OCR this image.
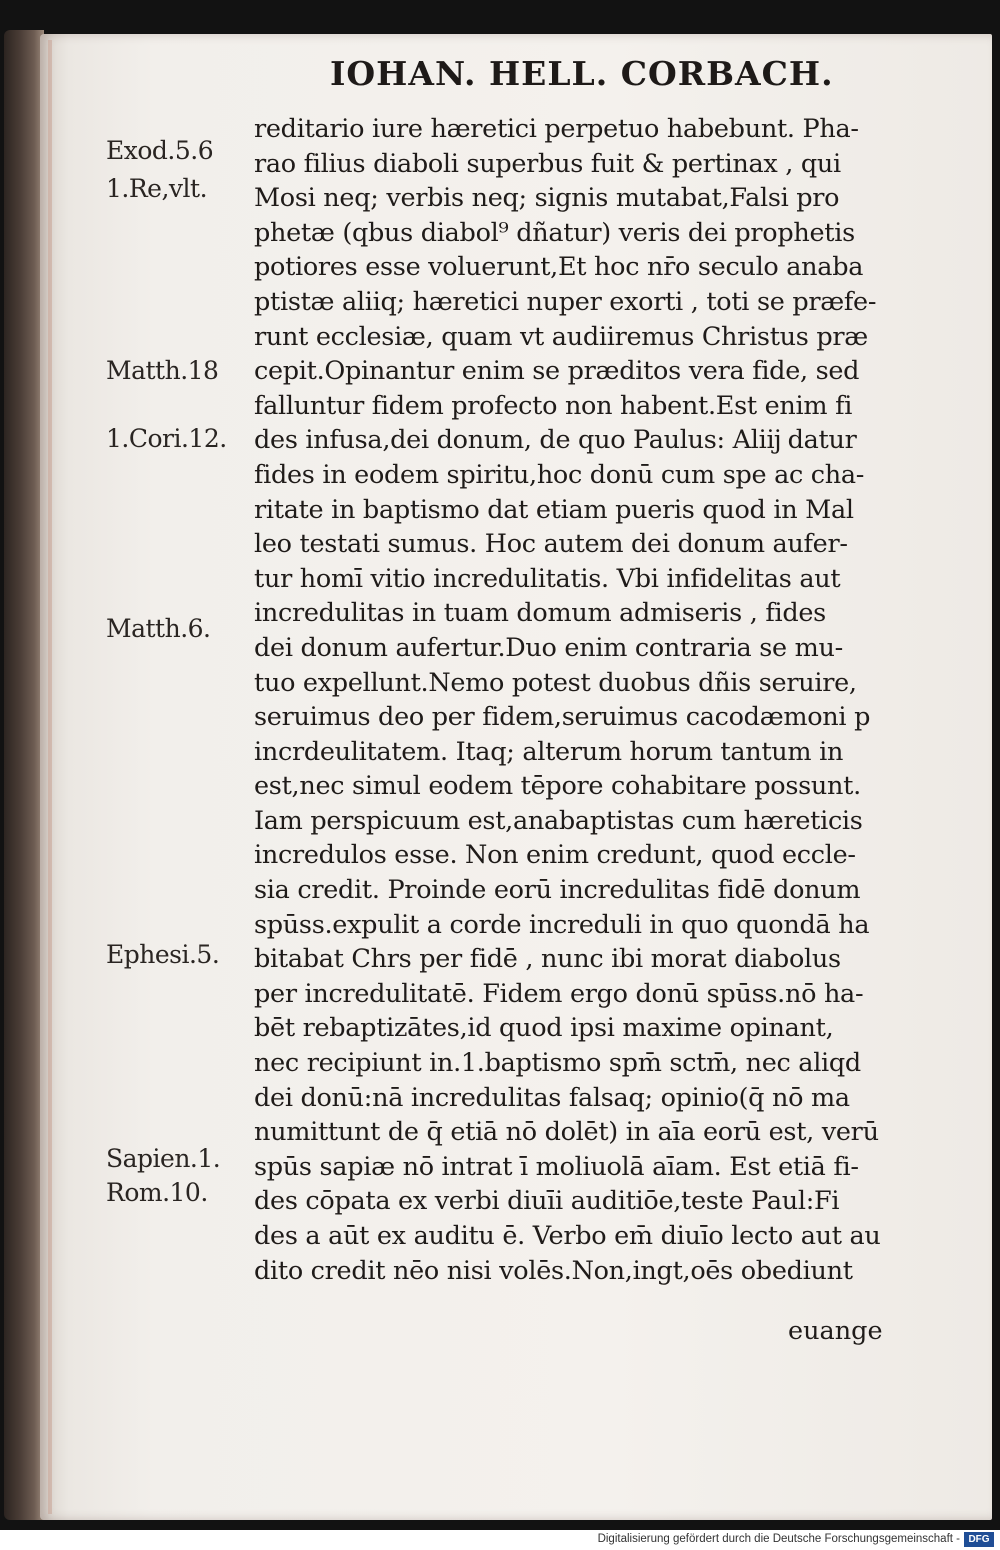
IOHAN. HELL. CORBACH.
Exod.5.6
1.Re,vlt.
Matth.18
1.Cori.12.
Matth.6.
Ephesi.5.
Sapien.1.
Rom.10.
reditario iure hæretici perpetuo habebunt. Pha-
rao filius diaboli superbus fuit & pertinax , qui
Mosi neq; verbis neq; signis mutabat,Falsi pro
phetæ (qbus diabol⁹ dñatur) veris dei prophetis
potiores esse voluerunt,Et hoc nr̄o seculo anaba
ptistæ aliiq; hæretici nuper exorti , toti se præfe-
runt ecclesiæ, quam vt audiiremus Christus præ
cepit.Opinantur enim se præditos vera fide, sed
falluntur fidem profecto non habent.Est enim fi
des infusa,dei donum, de quo Paulus: Aliĳ datur
fides in eodem spiritu,hoc donū cum spe ac cha-
ritate in baptismo dat etiam pueris quod in Mal
leo testati sumus. Hoc autem dei donum aufer-
tur homī vitio incredulitatis. Vbi infidelitas aut
incredulitas in tuam domum admiseris , fides
dei donum aufertur.Duo enim contraria se mu-
tuo expellunt.Nemo potest duobus dñis seruire,
seruimus deo per fidem,seruimus cacodæmoni p
incrdeulitatem. Itaq; alterum horum tantum in
est,nec simul eodem tēpore cohabitare possunt.
Iam perspicuum est,anabaptistas cum hæreticis
incredulos esse. Non enim credunt, quod eccle-
sia credit. Proinde eorū incredulitas fidē donum
spūss.expulit a corde increduli in quo quondā ha
bitabat Chrs per fidē , nunc ibi morat diabolus
per incredulitatē. Fidem ergo donū spūss.nō ha-
bēt rebaptizātes,id quod ipsi maxime opinant,
nec recipiunt in.1.baptismo spm̄ sctm̄, nec aliqd
dei donū:nā incredulitas falsaq; opinio(q̄ nō ma
numittunt de q̄ etiā nō dolēt) in aīa eorū est, verū
spūs sapiæ nō intrat ī moliuolā aīam. Est etiā fi-
des cōpata ex verbi diuīi auditiōe,teste Paul:Fi
des a aūt ex auditu ē. Verbo em̄ diuīo lecto aut au
dito credit nēo nisi volēs.Non,ingt,oēs obediunt
euange
Digitalisierung gefördert durch die Deutsche Forschungsgemeinschaft - DFG
